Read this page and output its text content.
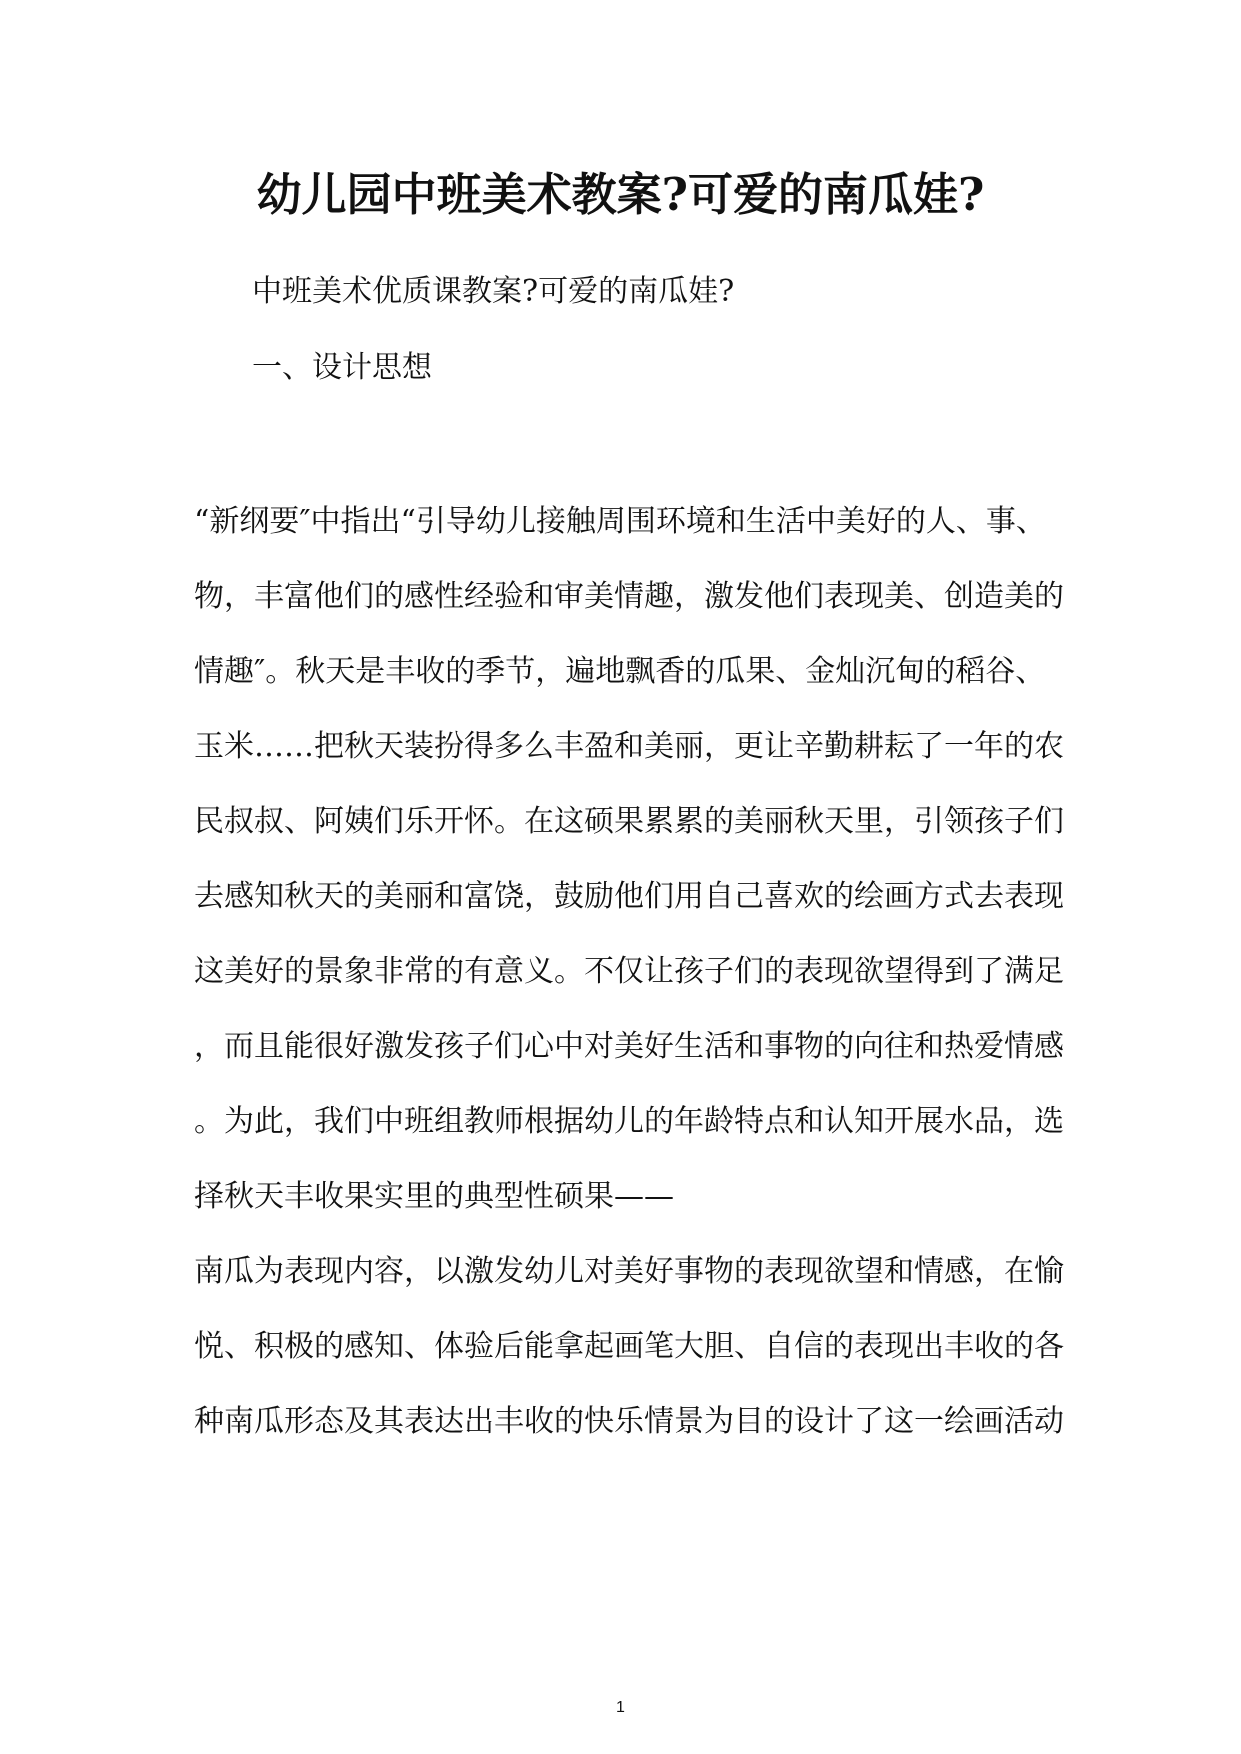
幼儿园中班美术教案?可爱的南瓜娃?
中班美术优质课教案?可爱的南瓜娃?
一、设计思想
“新纲要″中指出“引导幼儿接触周围环境和生活中美好的人、事、
物，丰富他们的感性经验和审美情趣，激发他们表现美、创造美的
情趣″。秋天是丰收的季节，遍地飘香的瓜果、金灿沉甸的稻谷、
玉米……把秋天装扮得多么丰盈和美丽，更让辛勤耕耘了一年的农
民叔叔、阿姨们乐开怀。在这硕果累累的美丽秋天里，引领孩子们
去感知秋天的美丽和富饶，鼓励他们用自己喜欢的绘画方式去表现
这美好的景象非常的有意义。不仅让孩子们的表现欲望得到了满足
，而且能很好激发孩子们心中对美好生活和事物的向往和热爱情感
。为此，我们中班组教师根据幼儿的年龄特点和认知开展水品，选
择秋天丰收果实里的典型性硕果——
南瓜为表现内容，以激发幼儿对美好事物的表现欲望和情感，在愉
悦、积极的感知、体验后能拿起画笔大胆、自信的表现出丰收的各
种南瓜形态及其表达出丰收的快乐情景为目的设计了这一绘画活动
1
